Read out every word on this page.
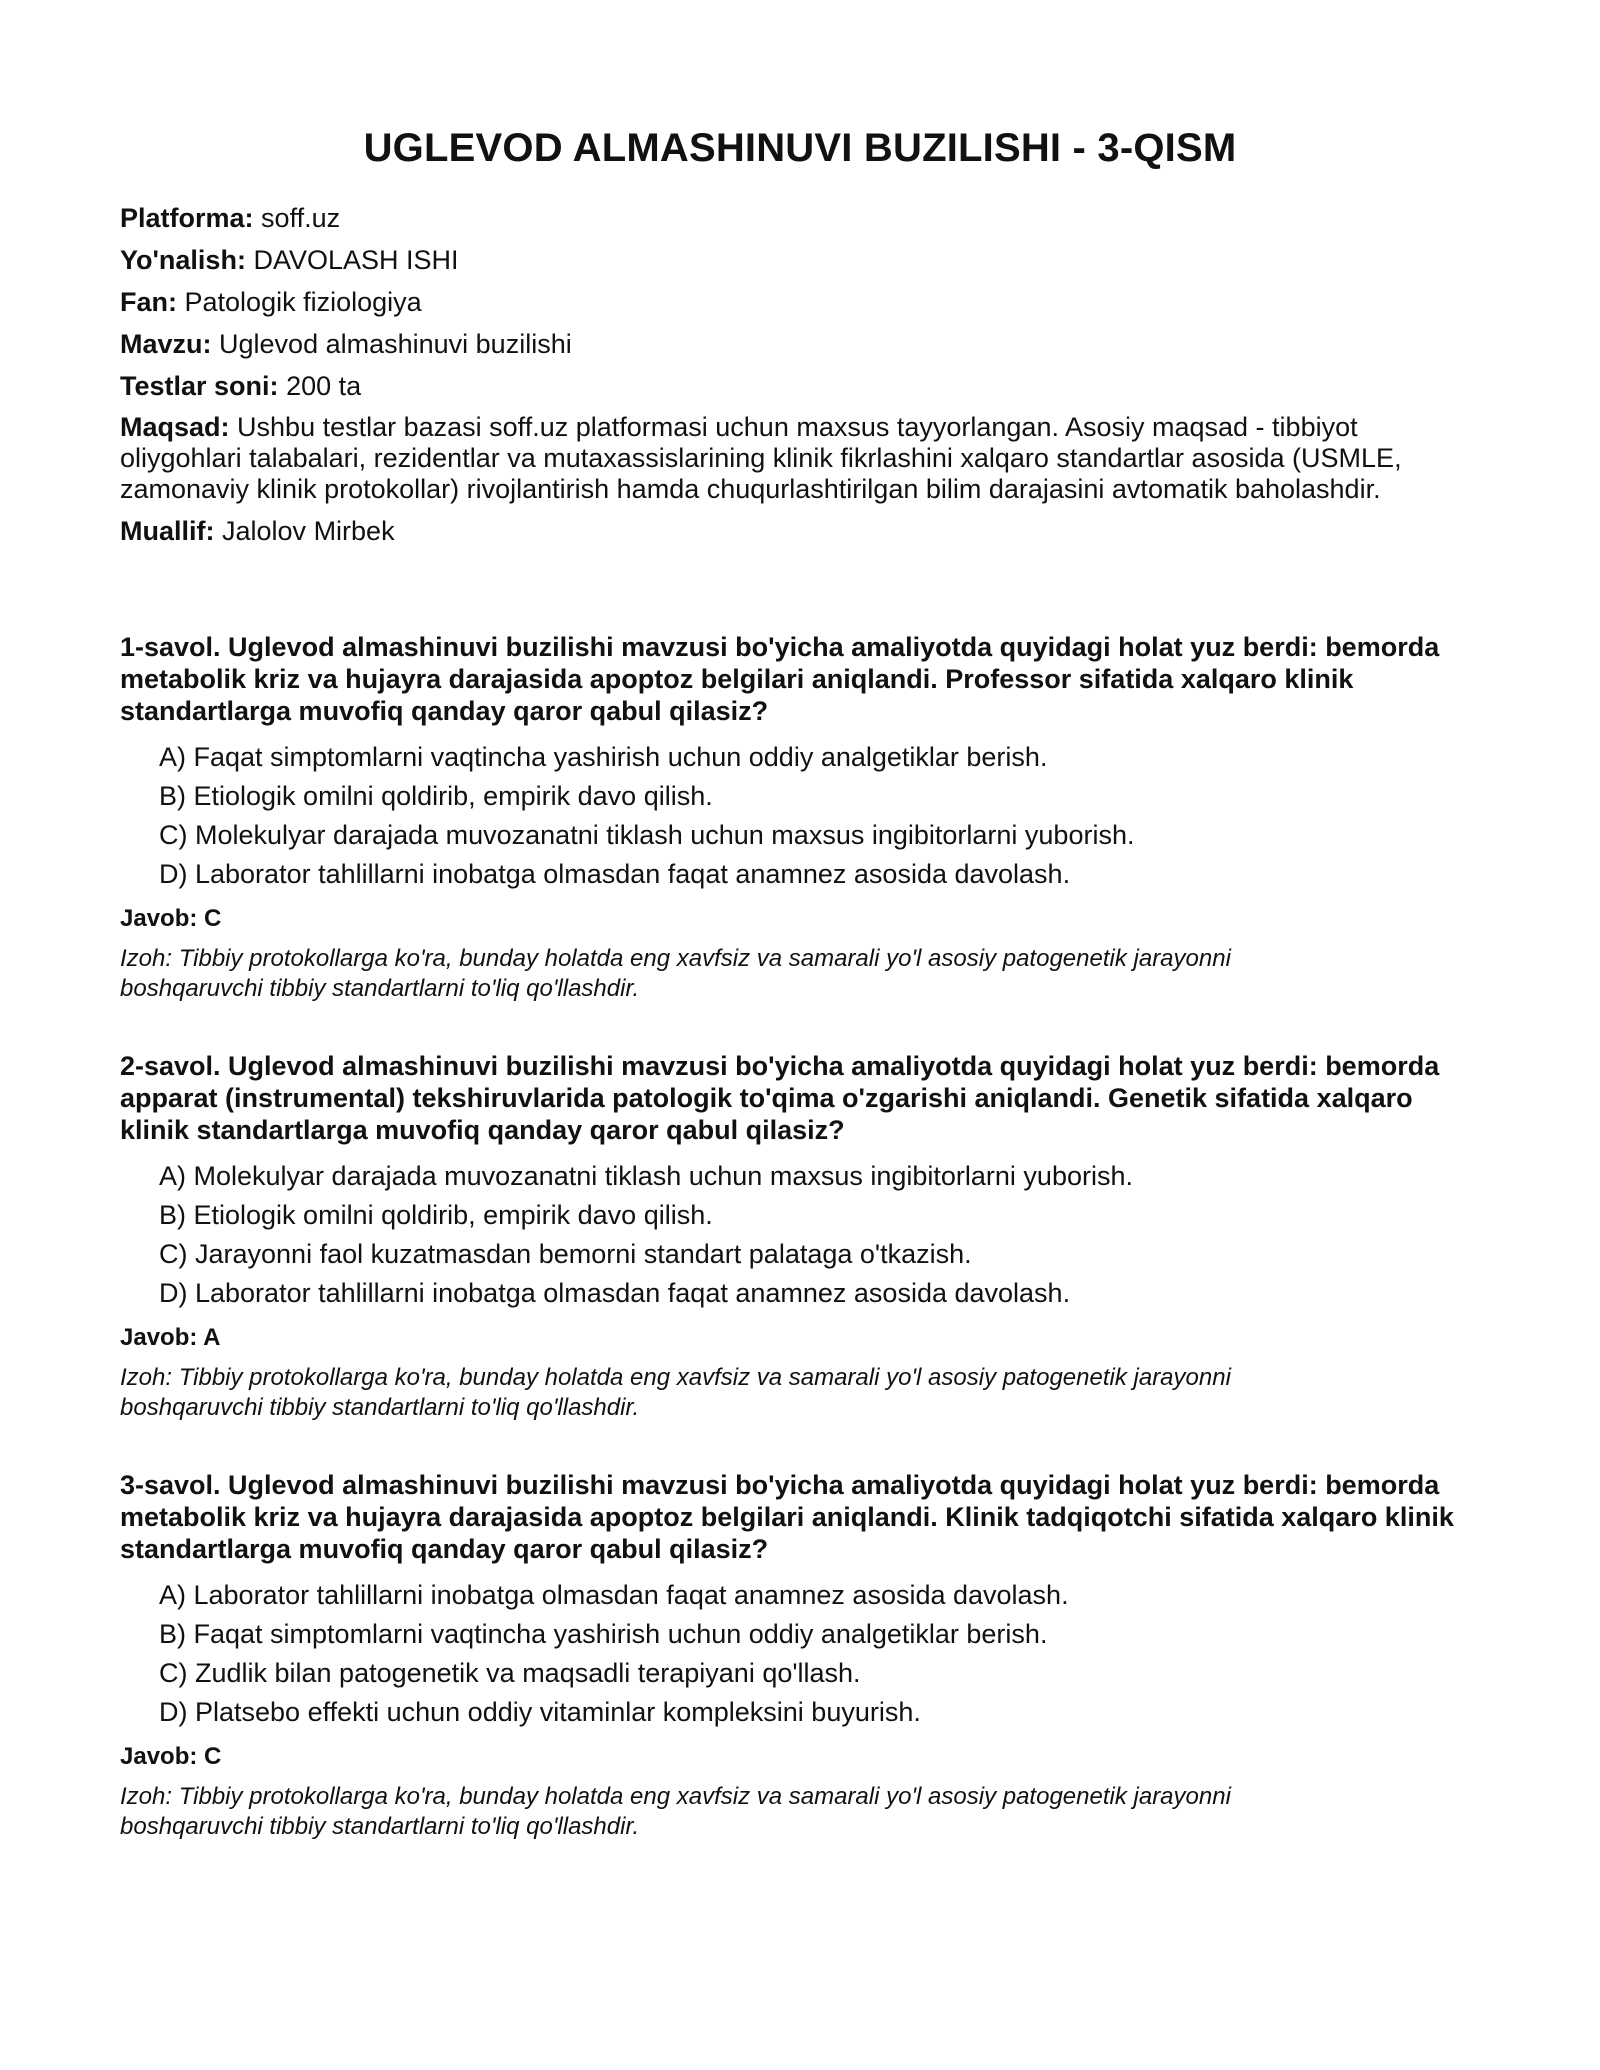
UGLEVOD ALMASHINUVI BUZILISHI - 3-QISM
Platforma: soff.uz
Yo'nalish: DAVOLASH ISHI
Fan: Patologik fiziologiya
Mavzu: Uglevod almashinuvi buzilishi
Testlar soni: 200 ta
Maqsad: Ushbu testlar bazasi soff.uz platformasi uchun maxsus tayyorlangan. Asosiy maqsad - tibbiyot oliygohlari talabalari, rezidentlar va mutaxassislarining klinik fikrlashini xalqaro standartlar asosida (USMLE, zamonaviy klinik protokollar) rivojlantirish hamda chuqurlashtirilgan bilim darajasini avtomatik baholashdir.
Muallif: Jalolov Mirbek
1-savol. Uglevod almashinuvi buzilishi mavzusi bo'yicha amaliyotda quyidagi holat yuz berdi: bemorda metabolik kriz va hujayra darajasida apoptoz belgilari aniqlandi. Professor sifatida xalqaro klinik standartlarga muvofiq qanday qaror qabul qilasiz?
A) Faqat simptomlarni vaqtincha yashirish uchun oddiy analgetiklar berish.
B) Etiologik omilni qoldirib, empirik davo qilish.
C) Molekulyar darajada muvozanatni tiklash uchun maxsus ingibitorlarni yuborish.
D) Laborator tahlillarni inobatga olmasdan faqat anamnez asosida davolash.
Javob: C
Izoh: Tibbiy protokollarga ko'ra, bunday holatda eng xavfsiz va samarali yo'l asosiy patogenetik jarayonni boshqaruvchi tibbiy standartlarni to'liq qo'llashdir.
2-savol. Uglevod almashinuvi buzilishi mavzusi bo'yicha amaliyotda quyidagi holat yuz berdi: bemorda apparat (instrumental) tekshiruvlarida patologik to'qima o'zgarishi aniqlandi. Genetik sifatida xalqaro klinik standartlarga muvofiq qanday qaror qabul qilasiz?
A) Molekulyar darajada muvozanatni tiklash uchun maxsus ingibitorlarni yuborish.
B) Etiologik omilni qoldirib, empirik davo qilish.
C) Jarayonni faol kuzatmasdan bemorni standart palataga o'tkazish.
D) Laborator tahlillarni inobatga olmasdan faqat anamnez asosida davolash.
Javob: A
Izoh: Tibbiy protokollarga ko'ra, bunday holatda eng xavfsiz va samarali yo'l asosiy patogenetik jarayonni boshqaruvchi tibbiy standartlarni to'liq qo'llashdir.
3-savol. Uglevod almashinuvi buzilishi mavzusi bo'yicha amaliyotda quyidagi holat yuz berdi: bemorda metabolik kriz va hujayra darajasida apoptoz belgilari aniqlandi. Klinik tadqiqotchi sifatida xalqaro klinik standartlarga muvofiq qanday qaror qabul qilasiz?
A) Laborator tahlillarni inobatga olmasdan faqat anamnez asosida davolash.
B) Faqat simptomlarni vaqtincha yashirish uchun oddiy analgetiklar berish.
C) Zudlik bilan patogenetik va maqsadli terapiyani qo'llash.
D) Platsebo effekti uchun oddiy vitaminlar kompleksini buyurish.
Javob: C
Izoh: Tibbiy protokollarga ko'ra, bunday holatda eng xavfsiz va samarali yo'l asosiy patogenetik jarayonni boshqaruvchi tibbiy standartlarni to'liq qo'llashdir.
